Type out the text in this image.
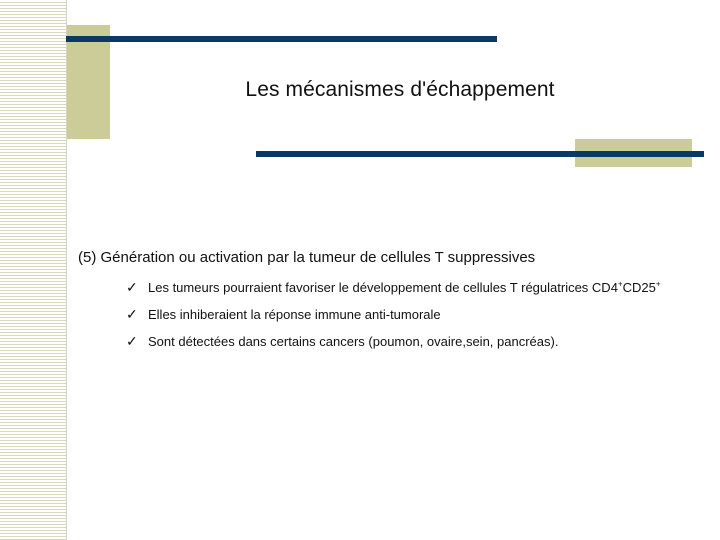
Les mécanismes d'échappement
(5) Génération ou activation par la tumeur de cellules T suppressives
✓ Les tumeurs pourraient favoriser le développement de cellules T régulatrices CD4+CD25+
✓ Elles inhiberaient la réponse immune anti-tumorale
✓ Sont détectées dans certains cancers (poumon, ovaire,sein, pancréas).
